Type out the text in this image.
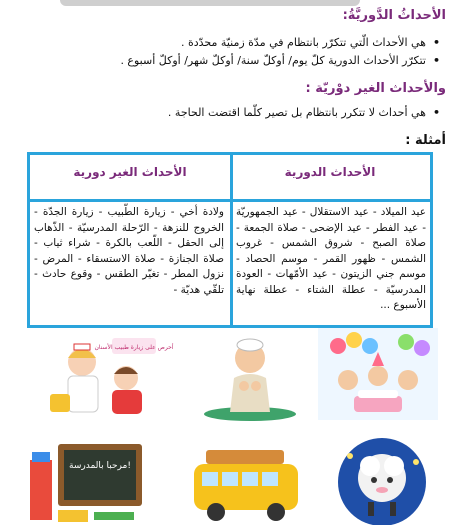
الأحداثُ الدَّوريَّةُ:
•هي الأحداث الّتي تتكرّر بانتظام في مدّة زمنيّة محدّدة .
•تتكرّر الأحداث الدورية كلّ يوم/ أوكلّ سنة/ أوكلّ شهر/ أوكلّ أسبوع .
والأحداث الغير دوْريّة :
•هي أحداث لا تتكرر بانتظام بل تصير كلّما اقتضت الحاجة .
أمثلة :
الأحداث الدورية
الأحداث الغير دورية
عيد الميلاد - عيد الاستقلال - عيد الجمهوريّة - عيد الفطر - عيد الإضحى - صلاة الجمعة - صلاة الصبح - شروق الشمس - غروب الشمس - ظهور القمر - موسم الحصاد - موسم جني الزيتون - عيد الأمّهات - العودة المدرسيّة - عطلة الشتاء - عطلة نهاية الأسبوع ...
ولادة أخي - زيارة الطّبيب - زيارة الجدّة - الخروج للنزهة - الرّحلة المدرسيّة - الذّهاب إلى الحقل - اللّعب بالكرة - شراء ثياب - صلاة الجنازة - صلاة الاستسقاء - المرض - نزول المطر - تغيّر الطقس - وقوع حادث - تلقّي هديّة -
أحرص على زيارة طبيب الأسنان
مرحبا بالمدرسة!
